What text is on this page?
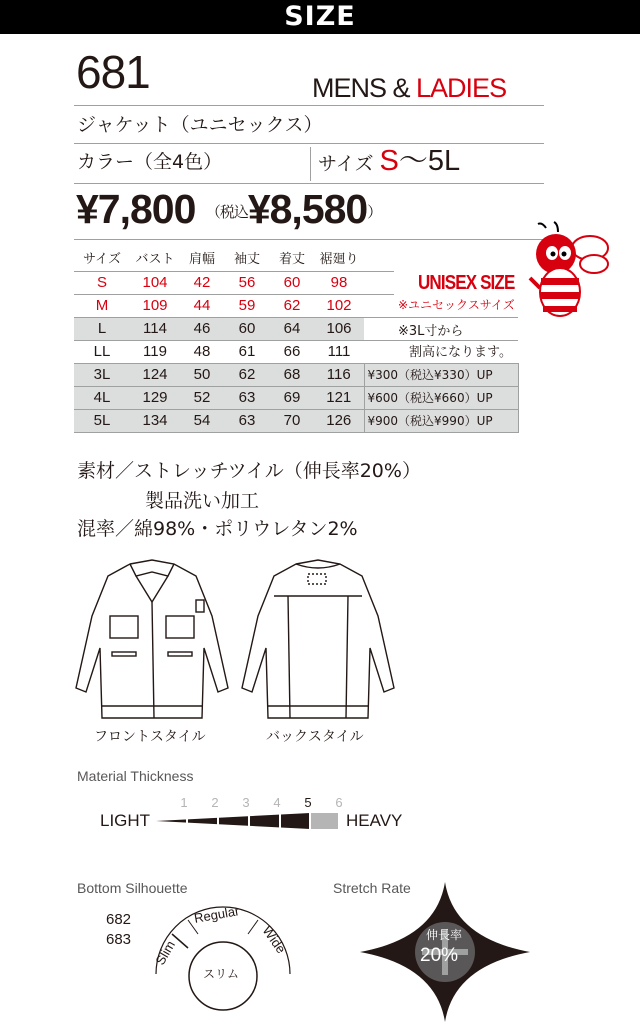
SIZE
681	MENS & LADIES
ジャケット（ユニセックス）
カラー（全4色）	サイズ S～5L
¥7,800 （税込¥8,580）
サイズ	バスト	肩幅	袖丈	着丈	裾廻り	
S	104	42	56	60	98	
M	109	44	59	62	102	
L	114	46	60	64	106	
LL	119	48	61	66	111	
3L	124	50	62	68	116	¥300（税込¥330）UP
4L	129	52	63	69	121	¥600（税込¥660）UP
5L	134	54	63	70	126	¥900（税込¥990）UP
UNISEX SIZE
※ユニセックスサイズ
※3L寸から
割高になります。
素材／ストレッチツイル（伸長率20%）
製品洗い加工
混率／綿98%・ポリウレタン2%
フロントスタイル	バックスタイル
Material Thickness
1	2	3	4	5	6
LIGHT	HEAVY
Bottom Silhouette
682
683 Slim
Regular
Wide
スリム
Stretch Rate
伸長率
20%
